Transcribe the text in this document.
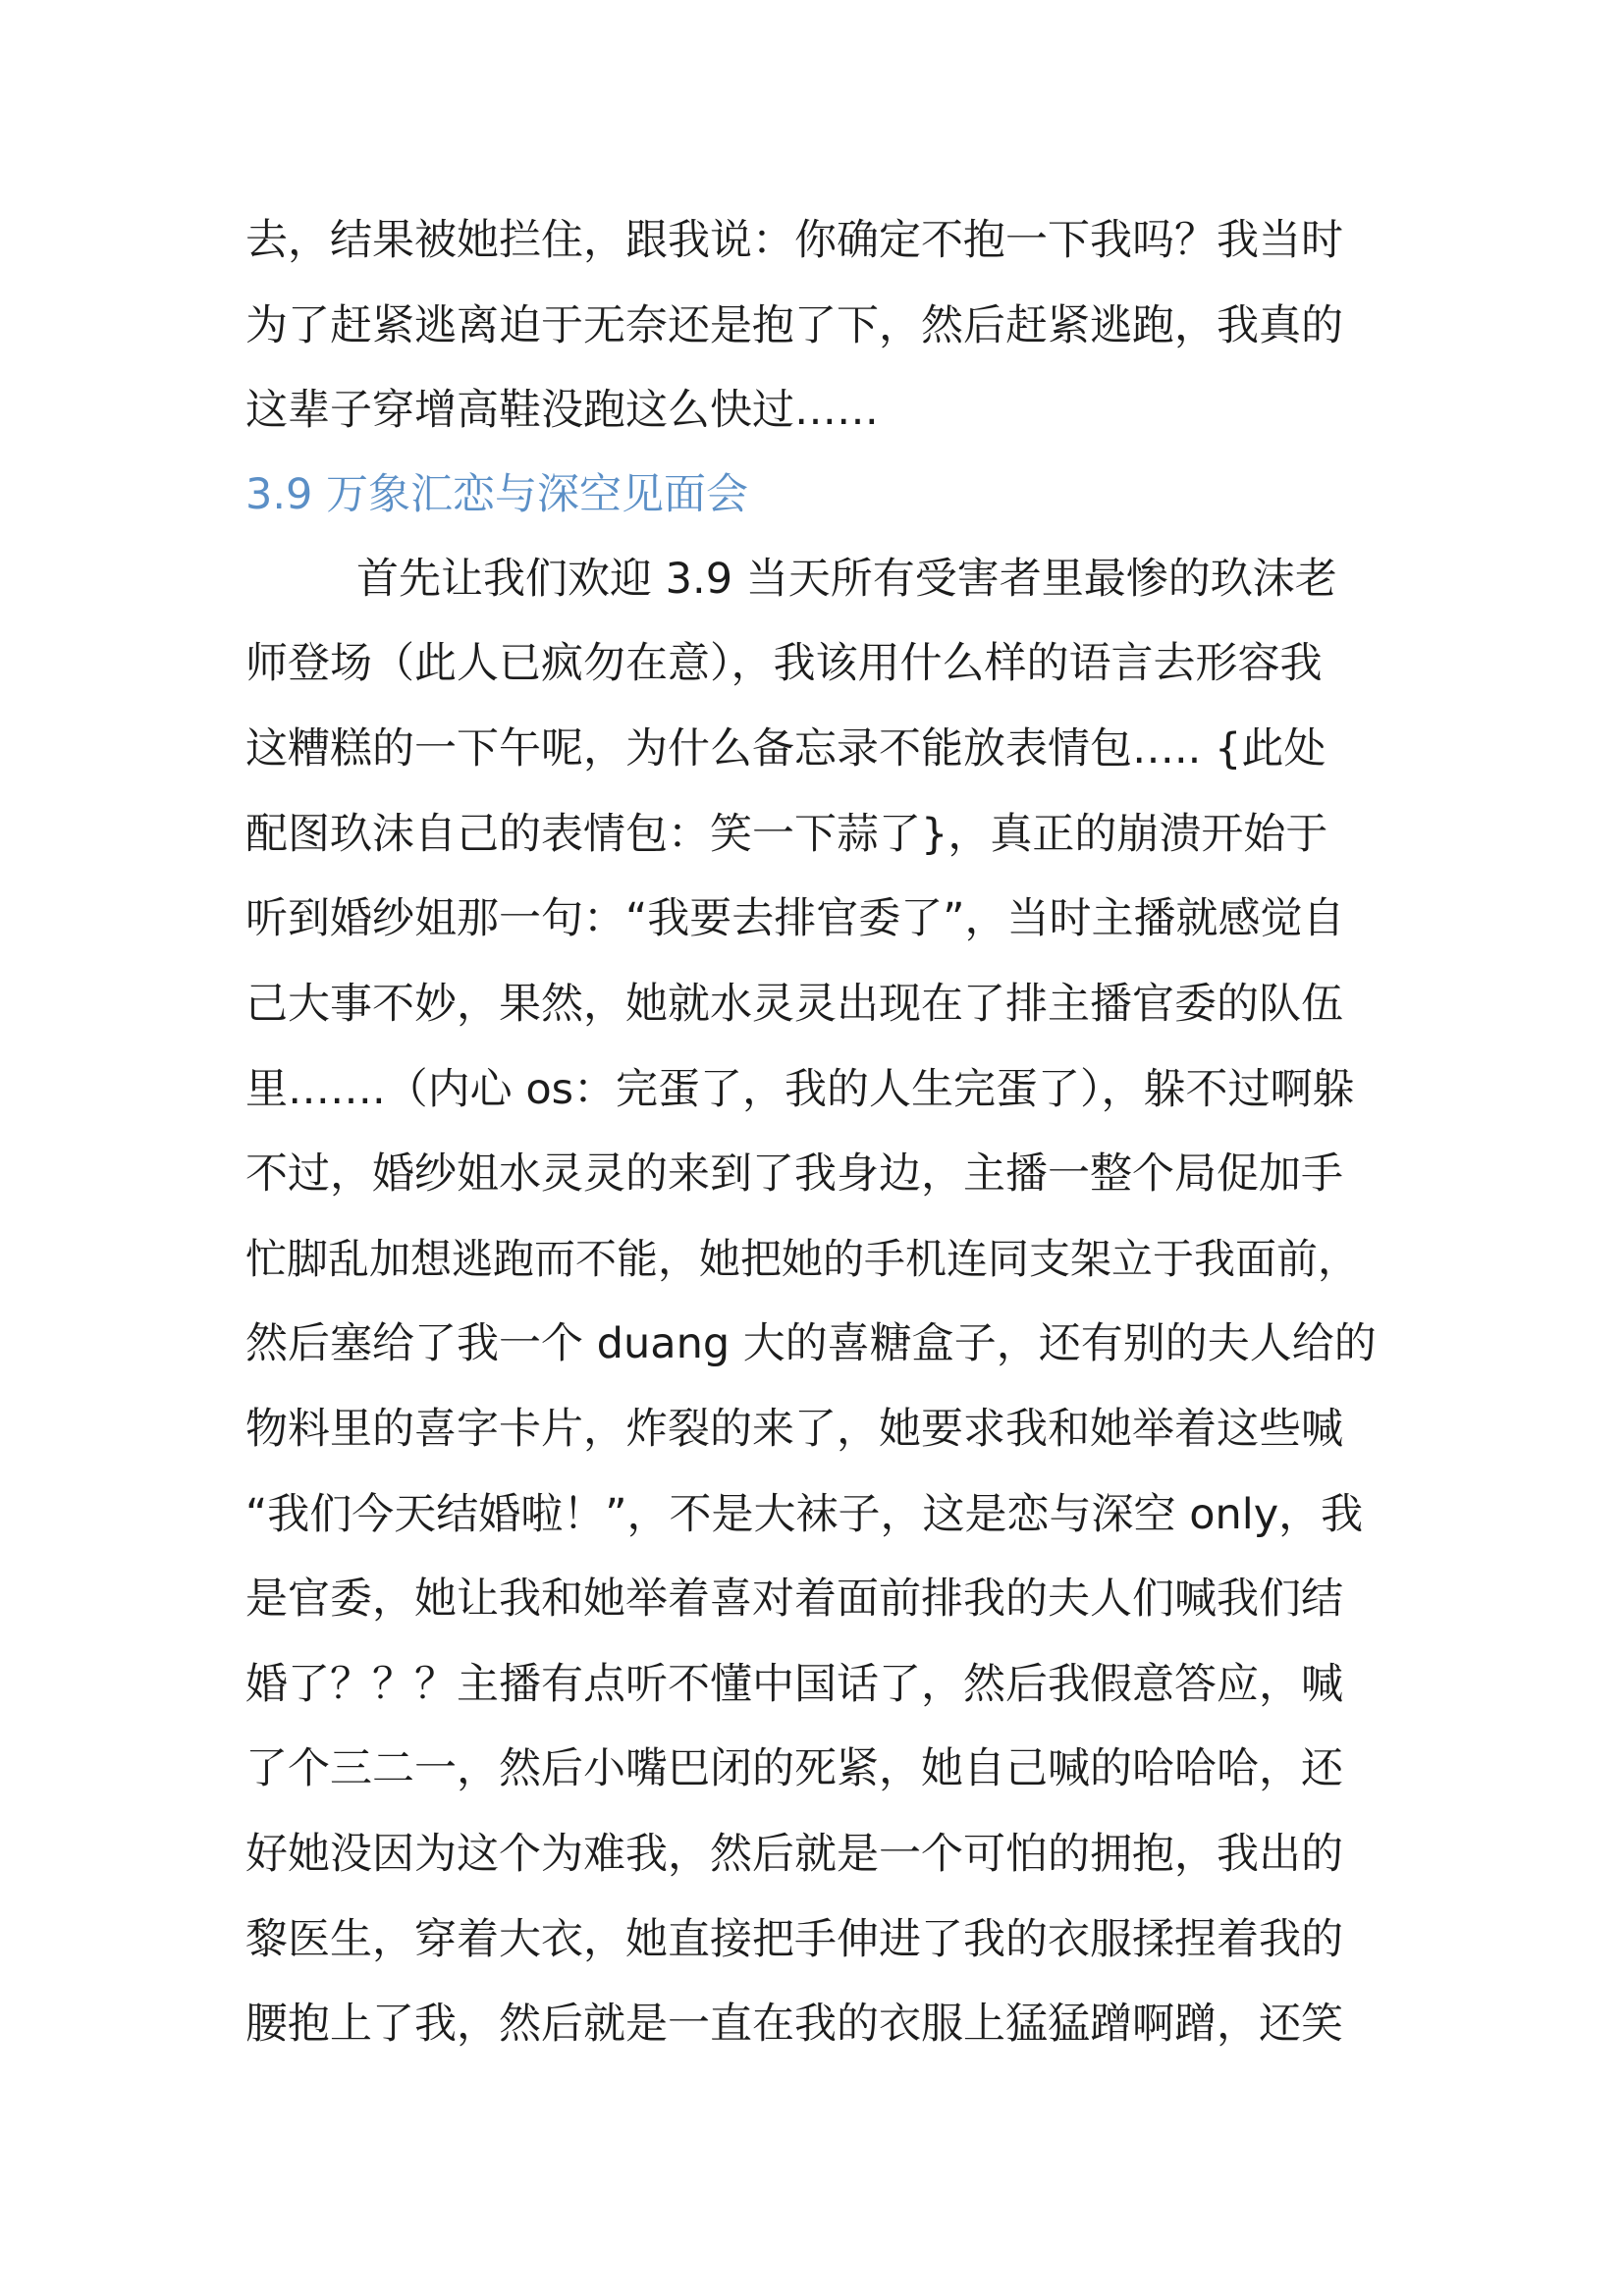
去，结果被她拦住，跟我说：你确定不抱一下我吗？我当时

为了赶紧逃离迫于无奈还是抱了下，然后赶紧逃跑，我真的

这辈子穿增高鞋没跑这么快过……

3.9 万象汇恋与深空见面会

首先让我们欢迎 3.9 当天所有受害者里最惨的玖沫老

师登场（此人已疯勿在意），我该用什么样的语言去形容我

这糟糕的一下午呢，为什么备忘录不能放表情包….. {此处

配图玖沫自己的表情包：笑一下蒜了}，真正的崩溃开始于

听到婚纱姐那一句：“我要去排官委了”，当时主播就感觉自

己大事不妙，果然，她就水灵灵出现在了排主播官委的队伍

里…….（内心 os：完蛋了，我的人生完蛋了），躲不过啊躲

不过，婚纱姐水灵灵的来到了我身边，主播一整个局促加手

忙脚乱加想逃跑而不能，她把她的手机连同支架立于我面前，

然后塞给了我一个 duang 大的喜糖盒子，还有别的夫人给的

物料里的喜字卡片，炸裂的来了，她要求我和她举着这些喊

“我们今天结婚啦！”，不是大袜子，这是恋与深空 only，我

是官委，她让我和她举着喜对着面前排我的夫人们喊我们结

婚了？？？主播有点听不懂中国话了，然后我假意答应，喊

了个三二一，然后小嘴巴闭的死紧，她自己喊的哈哈哈，还

好她没因为这个为难我，然后就是一个可怕的拥抱，我出的

黎医生，穿着大衣，她直接把手伸进了我的衣服揉捏着我的

腰抱上了我，然后就是一直在我的衣服上猛猛蹭啊蹭，还笑
